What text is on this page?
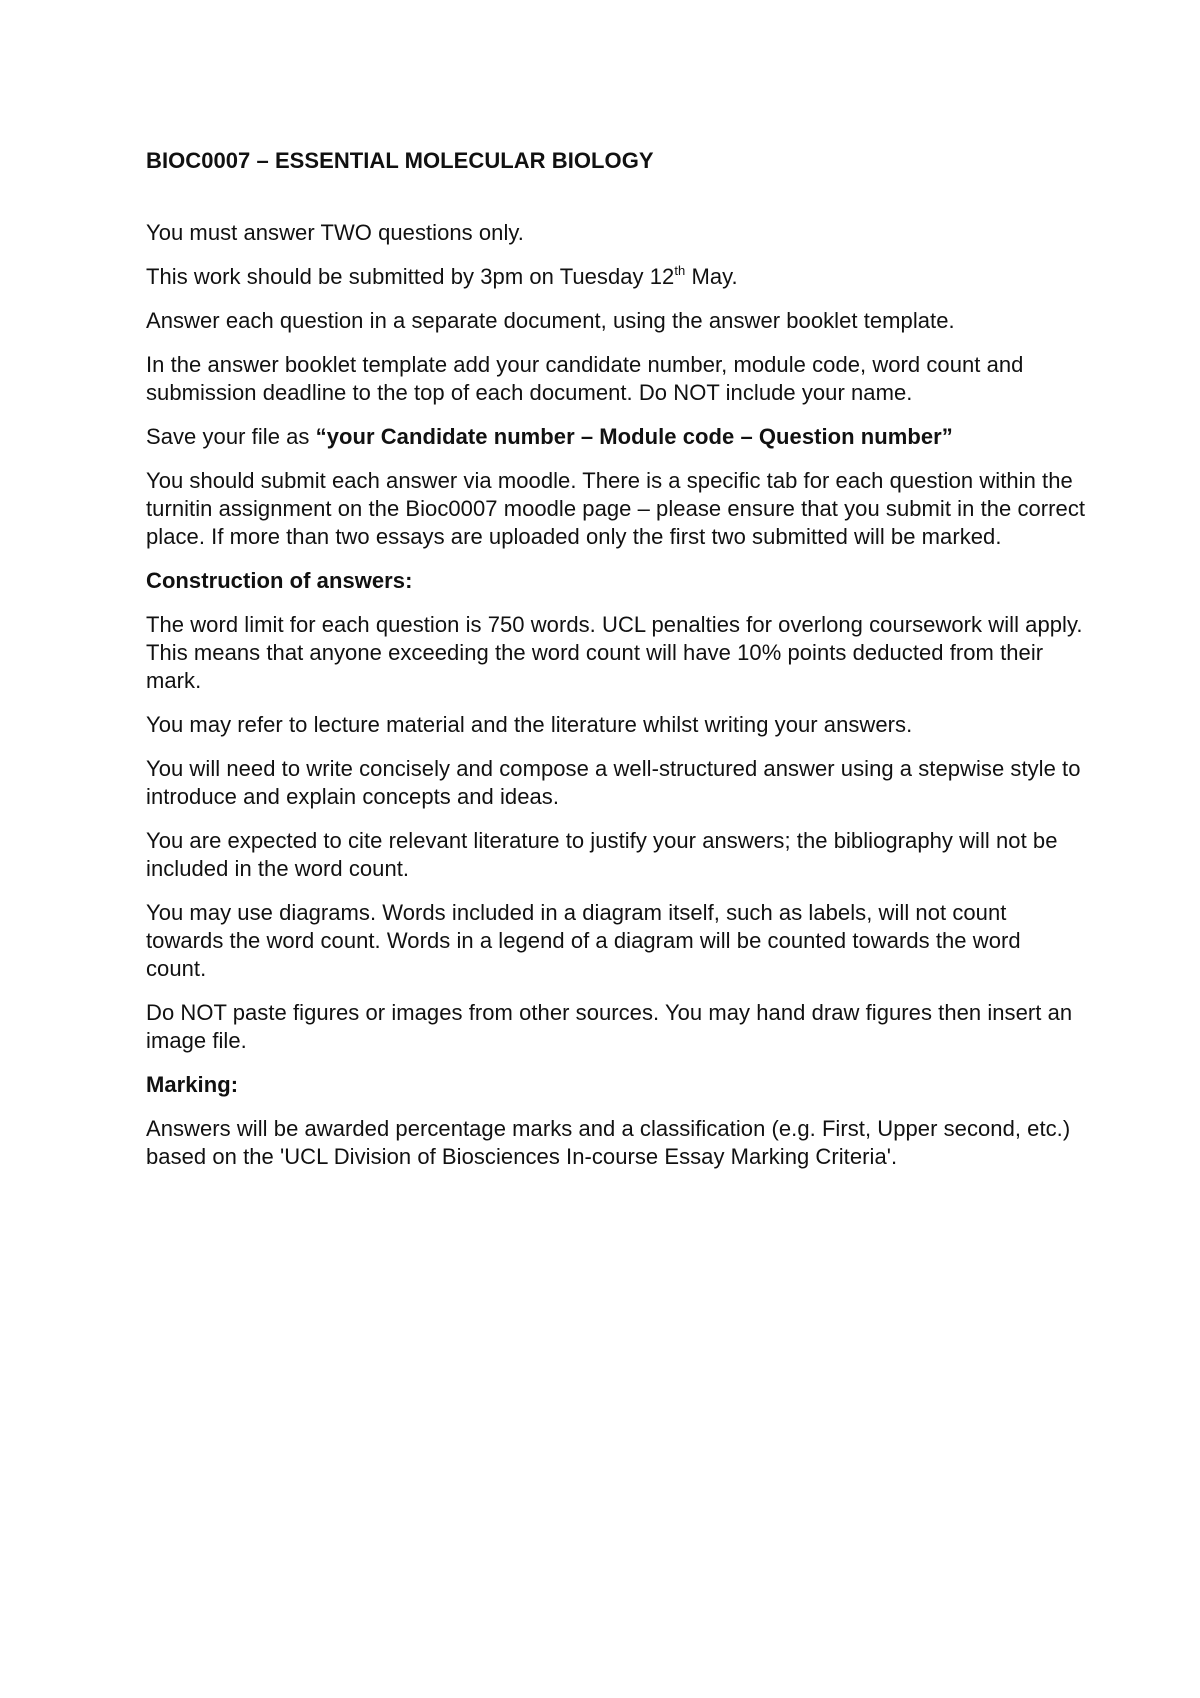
BIOC0007 – ESSENTIAL MOLECULAR BIOLOGY

You must answer TWO questions only.

This work should be submitted by 3pm on Tuesday 12th May.

Answer each question in a separate document, using the answer booklet template.

In the answer booklet template add your candidate number, module code, word count and submission deadline to the top of each document. Do NOT include your name.

Save your file as “your Candidate number – Module code – Question number”

You should submit each answer via moodle. There is a specific tab for each question within the turnitin assignment on the Bioc0007 moodle page – please ensure that you submit in the correct place. If more than two essays are uploaded only the first two submitted will be marked.

Construction of answers:

The word limit for each question is 750 words. UCL penalties for overlong coursework will apply. This means that anyone exceeding the word count will have 10% points deducted from their mark.

You may refer to lecture material and the literature whilst writing your answers.

You will need to write concisely and compose a well-structured answer using a stepwise style to introduce and explain concepts and ideas.

You are expected to cite relevant literature to justify your answers; the bibliography will not be included in the word count.

You may use diagrams. Words included in a diagram itself, such as labels, will not count towards the word count. Words in a legend of a diagram will be counted towards the word count.

Do NOT paste figures or images from other sources. You may hand draw figures then insert an image file.

Marking:

Answers will be awarded percentage marks and a classification (e.g. First, Upper second, etc.) based on the 'UCL Division of Biosciences In-course Essay Marking Criteria'.
